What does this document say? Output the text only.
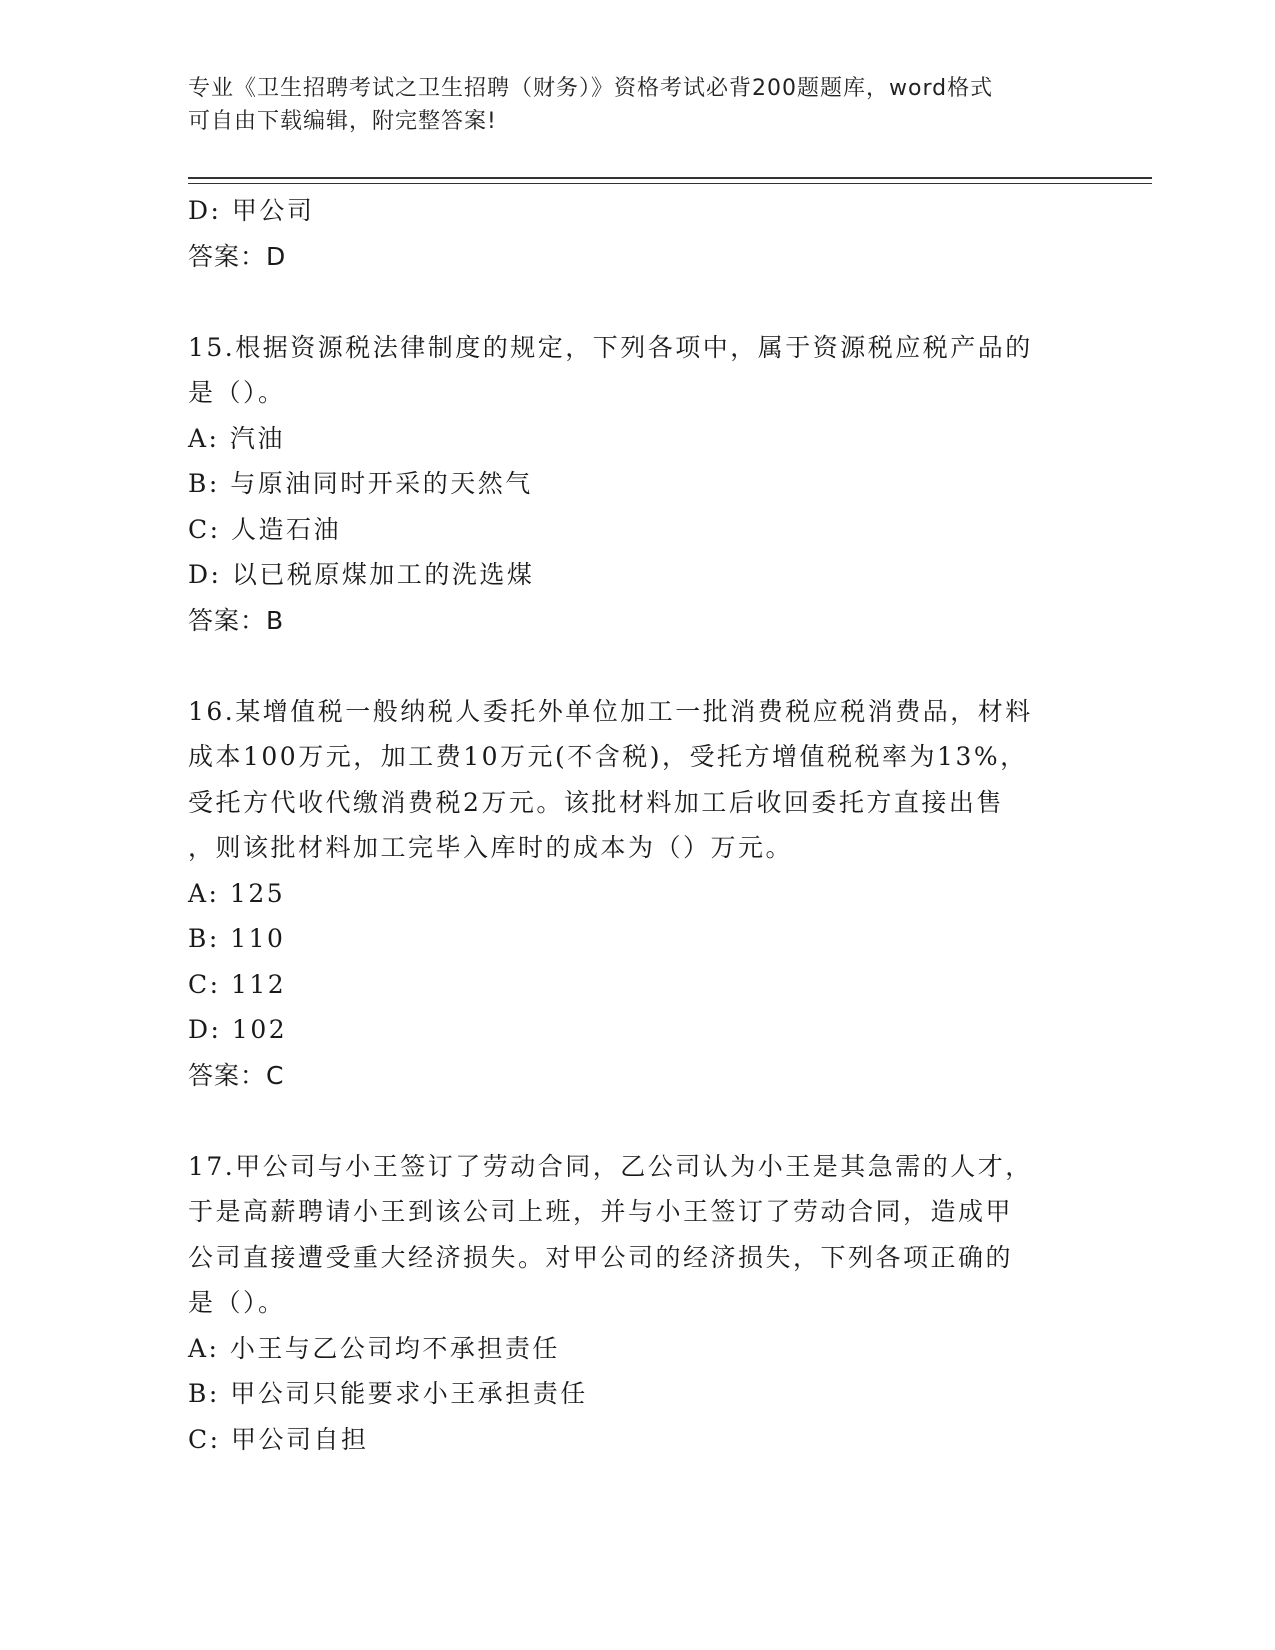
专业《卫生招聘考试之卫生招聘（财务）》资格考试必背200题题库，word格式
可自由下载编辑，附完整答案!
D: 甲公司
答案：D
15.根据资源税法律制度的规定，下列各项中，属于资源税应税产品的
是（）。
A: 汽油
B: 与原油同时开采的天然气
C: 人造石油
D: 以已税原煤加工的洗选煤
答案：B
16.某增值税一般纳税人委托外单位加工一批消费税应税消费品，材料
成本100万元，加工费10万元(不含税)，受托方增值税税率为13%，
受托方代收代缴消费税2万元。该批材料加工后收回委托方直接出售
，则该批材料加工完毕入库时的成本为（）万元。
A: 125
B: 110
C: 112
D: 102
答案：C
17.甲公司与小王签订了劳动合同，乙公司认为小王是其急需的人才，
于是高薪聘请小王到该公司上班，并与小王签订了劳动合同，造成甲
公司直接遭受重大经济损失。对甲公司的经济损失，下列各项正确的
是（）。
A: 小王与乙公司均不承担责任
B: 甲公司只能要求小王承担责任
C: 甲公司自担
